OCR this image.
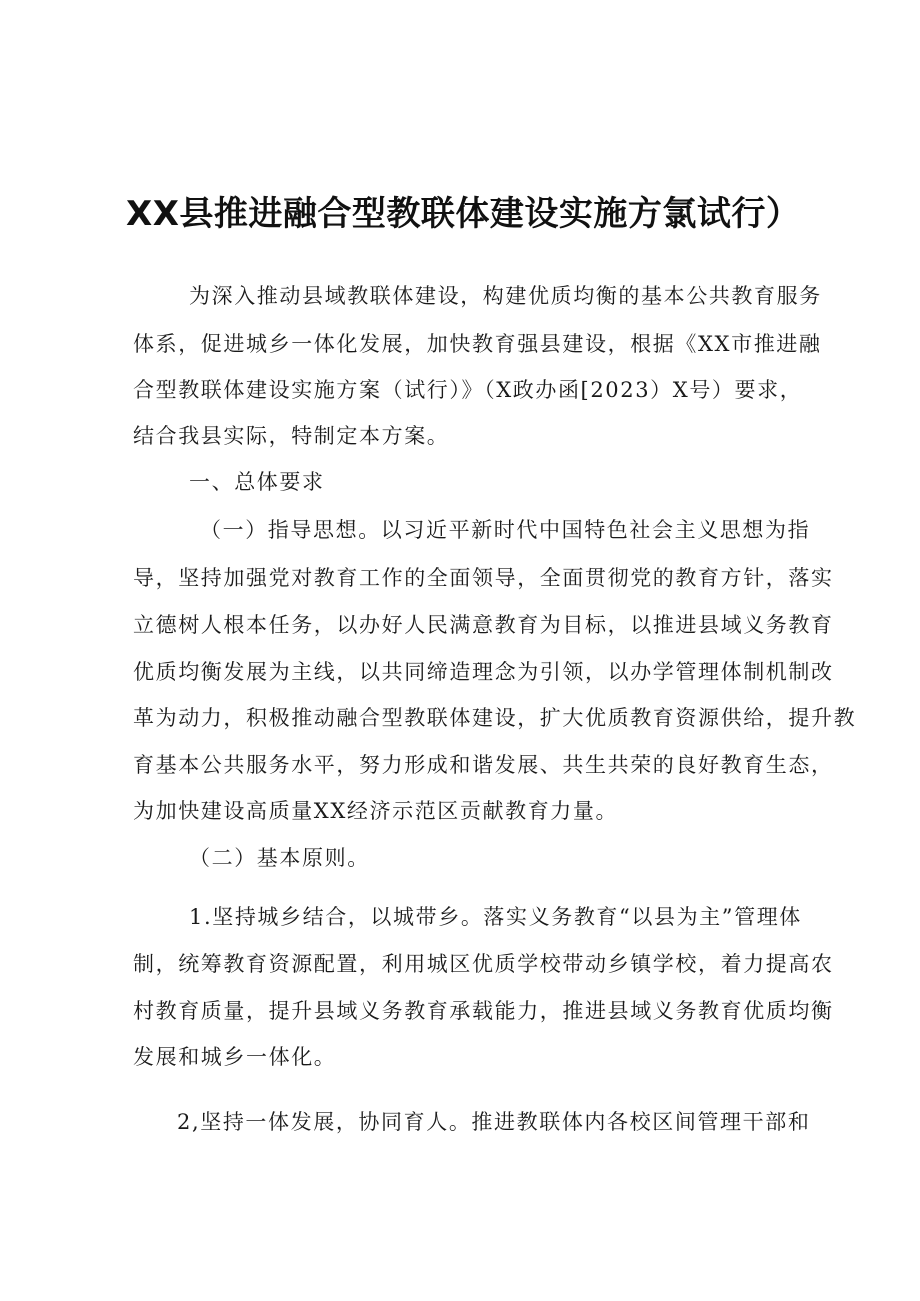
XX县推进融合型教联体建设实施方氯试行）
为深入推动县域教联体建设，构建优质均衡的基本公共教育服务
体系，促进城乡一体化发展，加快教育强县建设，根据《XX市推进融
合型教联体建设实施方案（试行）》（X政办函[2023）X号）要求，
结合我县实际，特制定本方案。
一、总体要求
（一）指导思想。以习近平新时代中国特色社会主义思想为指
导，坚持加强党对教育工作的全面领导，全面贯彻党的教育方针，落实
立德树人根本任务，以办好人民满意教育为目标，以推进县域义务教育
优质均衡发展为主线，以共同缔造理念为引领，以办学管理体制机制改
革为动力，积极推动融合型教联体建设，扩大优质教育资源供给，提升教
育基本公共服务水平，努力形成和谐发展、共生共荣的良好教育生态，
为加快建设高质量XX经济示范区贡献教育力量。
（二）基本原则。
1.坚持城乡结合，以城带乡。落实义务教育“以县为主”管理体
制，统筹教育资源配置，利用城区优质学校带动乡镇学校，着力提高农
村教育质量，提升县域义务教育承载能力，推进县域义务教育优质均衡
发展和城乡一体化。
2,坚持一体发展，协同育人。推进教联体内各校区间管理干部和
